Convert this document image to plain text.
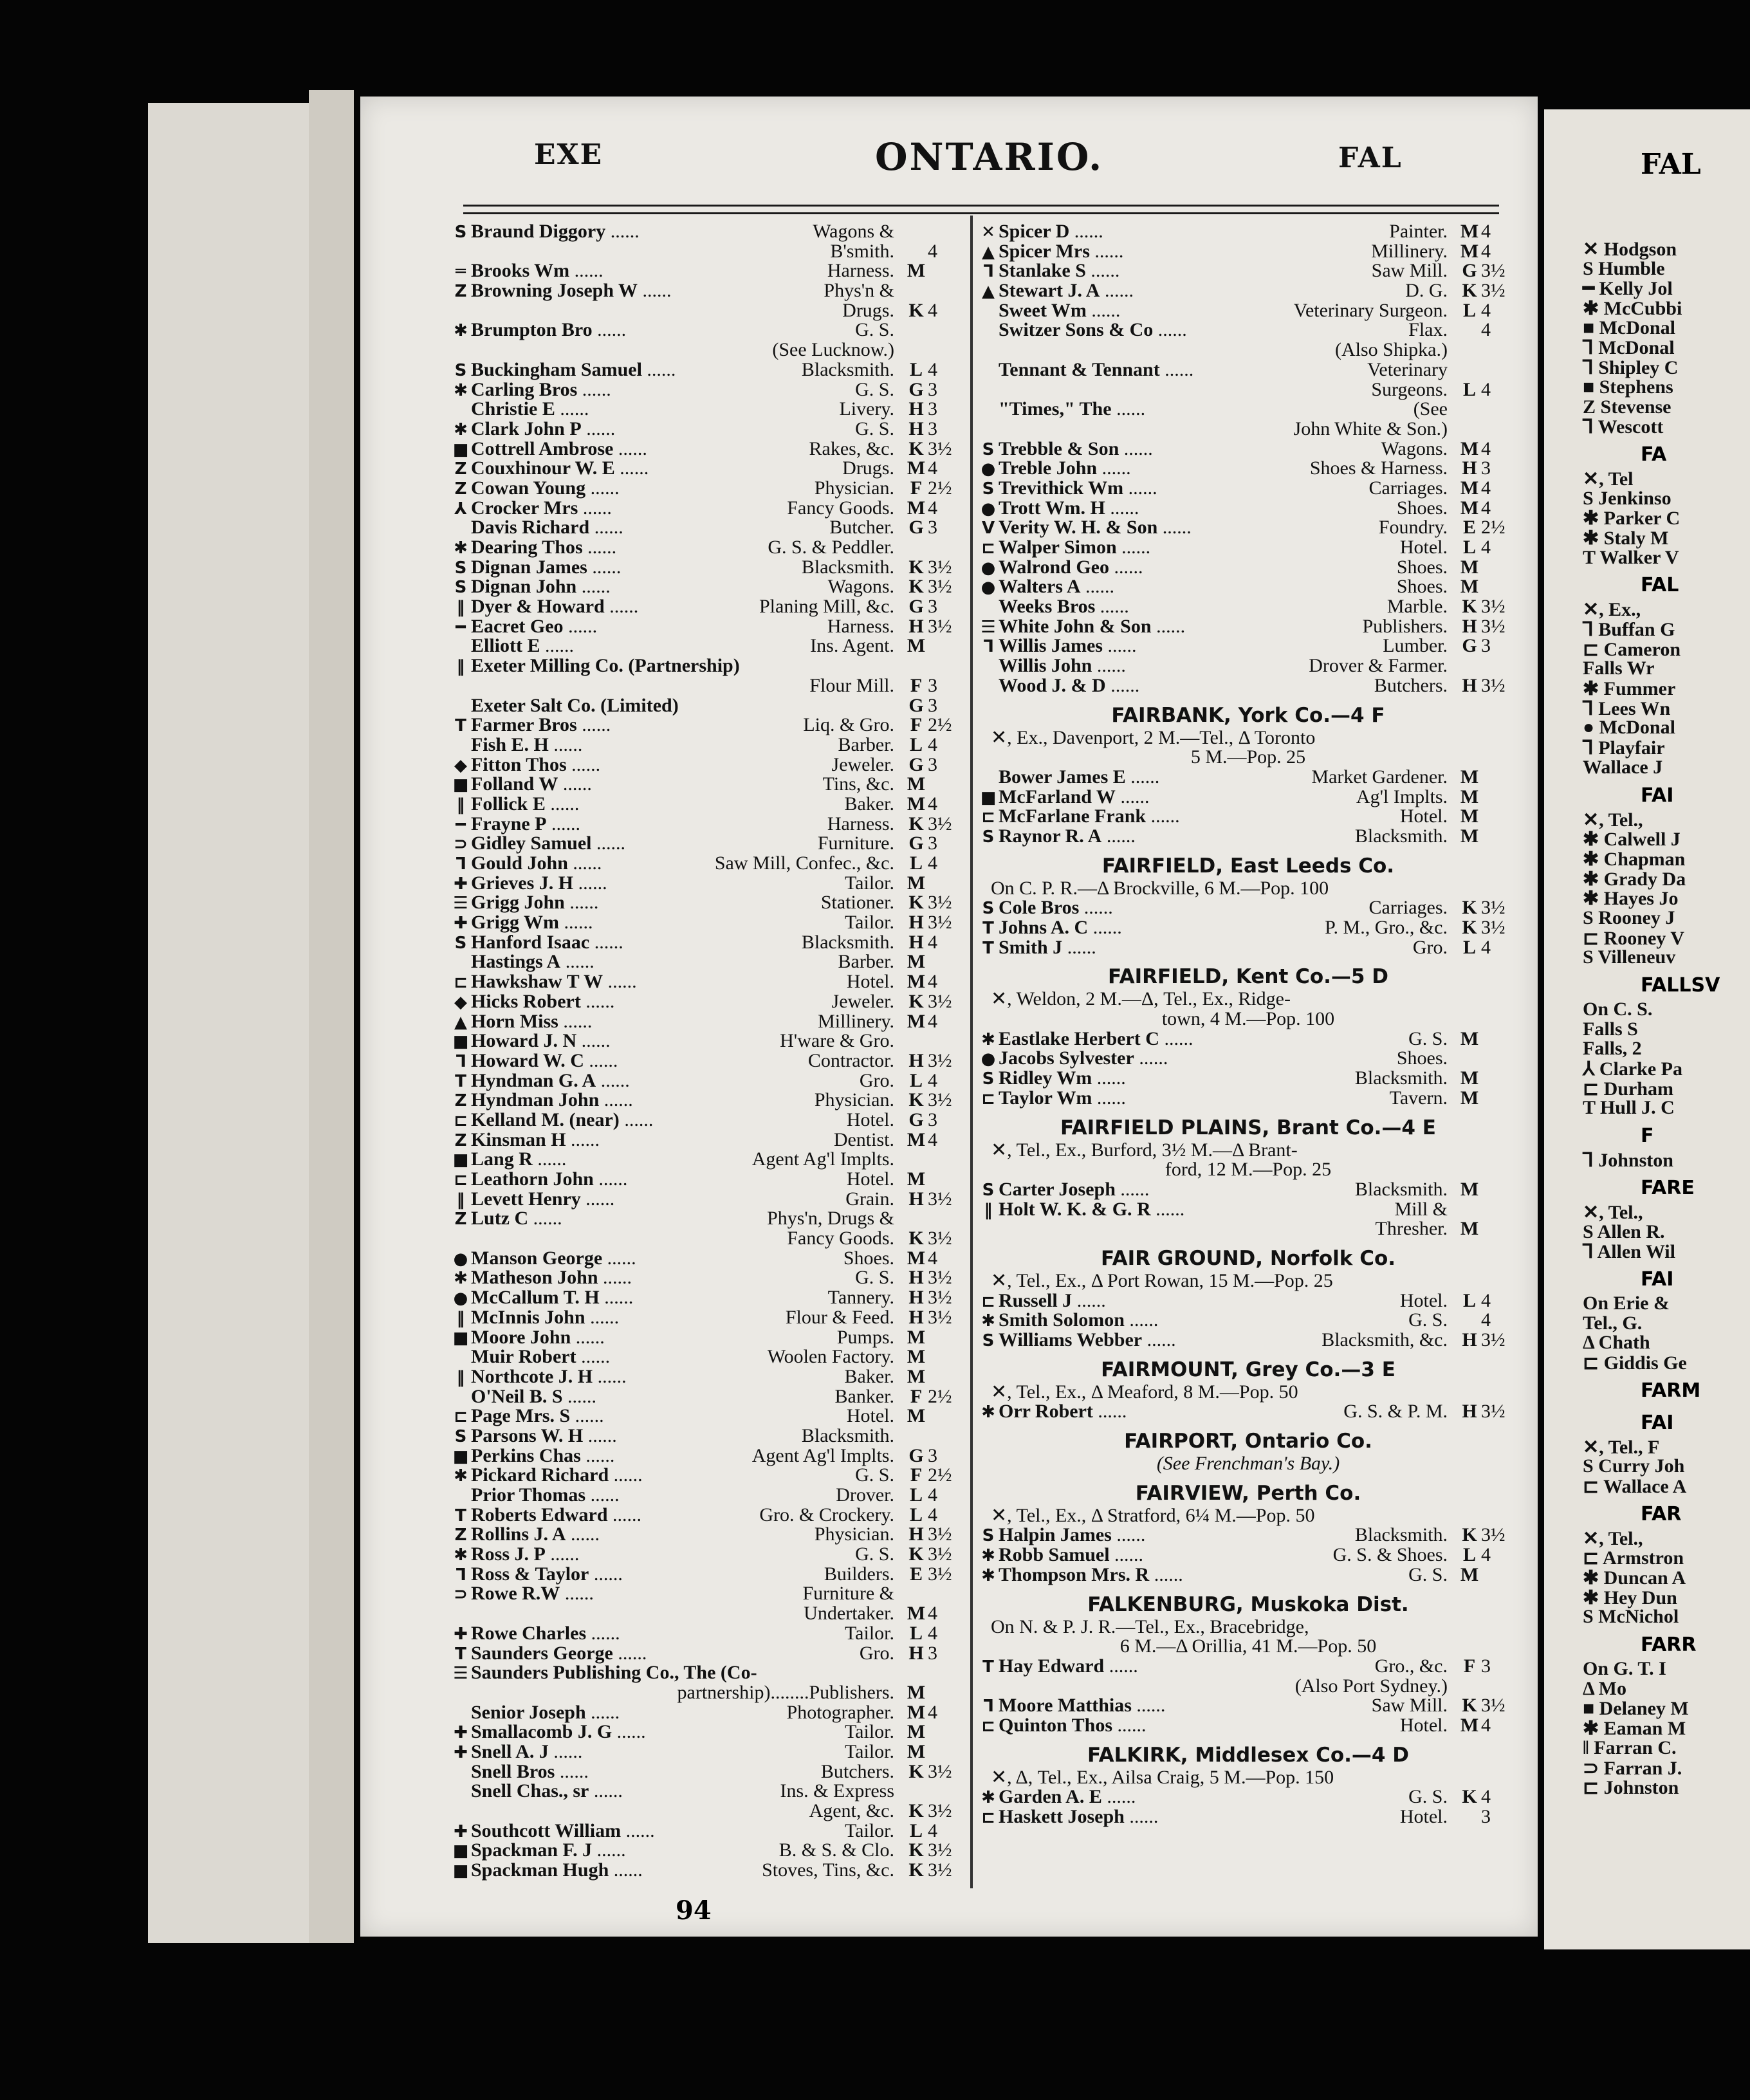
EXE	ONTARIO.	FAL
S Braund Diggory ......	Wagons &
B'smith.	4
═ Brooks Wm ......	Harness. M
Z Browning Joseph W ......	Phys'n &
Drugs. K 4
✱ Brumpton Bro ......	G. S.
(See Lucknow.)
S Buckingham Samuel ......	Blacksmith. L 4
✱ Carling Bros ......	G. S. G 3
Christie E ......	Livery. H 3
✱ Clark John P ......	G. S. H 3
■ Cottrell Ambrose ......	Rakes, &c. K 3½
Z Couxhinour W. E ......	Drugs. M 4
Z Cowan Young ......	Physician. F 2½
⅄ Crocker Mrs ......	Fancy Goods. M 4
Davis Richard ......	Butcher. G 3
✱ Dearing Thos ......	G. S. & Peddler.
S Dignan James ......	Blacksmith. K 3½
S Dignan John ......	Wagons. K 3½
‖ Dyer & Howard ......	Planing Mill, &c. G 3
━ Eacret Geo ......	Harness. H 3½
Elliott E ......	Ins. Agent. M
‖ Exeter Milling Co. (Partnership)
Flour Mill. F 3
Exeter Salt Co. (Limited)	G 3
T Farmer Bros ......	Liq. & Gro. F 2½
Fish E. H ......	Barber. L 4
◆ Fitton Thos ......	Jeweler. G 3
■ Folland W ......	Tins, &c. M
‖ Follick E ......	Baker. M 4
━ Frayne P ......	Harness. K 3½
⊃ Gidley Samuel ......	Furniture. G 3
⅂ Gould John ......	Saw Mill, Confec., &c. L 4
✚ Grieves J. H ......	Tailor. M
☰ Grigg John ......	Stationer. K 3½
✚ Grigg Wm ......	Tailor. H 3½
S Hanford Isaac ......	Blacksmith. H 4
Hastings A ......	Barber. M
⊏ Hawkshaw T W ......	Hotel. M 4
◆ Hicks Robert ......	Jeweler. K 3½
▲ Horn Miss ......	Millinery. M 4
■ Howard J. N ......	H'ware & Gro.
⅂ Howard W. C ......	Contractor. H 3½
T Hyndman G. A ......	Gro. L 4
Z Hyndman John ......	Physician. K 3½
⊏ Kelland M. (near) ......	Hotel. G 3
Z Kinsman H ......	Dentist. M 4
■ Lang R ......	Agent Ag'l Implts.
⊏ Leathorn John ......	Hotel. M
‖ Levett Henry ......	Grain. H 3½
Z Lutz C ......	Phys'n, Drugs &
Fancy Goods. K 3½
● Manson George ......	Shoes. M 4
✱ Matheson John ......	G. S. H 3½
● McCallum T. H ......	Tannery. H 3½
‖ McInnis John ......	Flour & Feed. H 3½
■ Moore John ......	Pumps. M
Muir Robert ......	Woolen Factory. M
‖ Northcote J. H ......	Baker. M
O'Neil B. S ......	Banker. F 2½
⊏ Page Mrs. S ......	Hotel. M
S Parsons W. H ......	Blacksmith.
■ Perkins Chas ......	Agent Ag'l Implts. G 3
✱ Pickard Richard ......	G. S. F 2½
Prior Thomas ......	Drover. L 4
T Roberts Edward ......	Gro. & Crockery. L 4
Z Rollins J. A ......	Physician. H 3½
✱ Ross J. P ......	G. S. K 3½
⅂ Ross & Taylor ......	Builders. E 3½
⊃ Rowe R.W ......	Furniture &
Undertaker. M 4
✚ Rowe Charles ......	Tailor. L 4
T Saunders George ......	Gro. H 3
☰ Saunders Publishing Co., The (Co-
partnership)........Publishers. M
Senior Joseph ......	Photographer. M 4
✚ Smallacomb J. G ......	Tailor. M
✚ Snell A. J ......	Tailor. M
Snell Bros ......	Butchers. K 3½
Snell Chas., sr ......	Ins. & Express
Agent, &c. K 3½
✚ Southcott William ......	Tailor. L 4
■ Spackman F. J ......	B. & S. & Clo. K 3½
■ Spackman Hugh ......	Stoves, Tins, &c. K 3½
✕ Spicer D ......	Painter. M 4
▲ Spicer Mrs ......	Millinery. M 4
⅂ Stanlake S ......	Saw Mill. G 3½
▲ Stewart J. A ......	D. G. K 3½
Sweet Wm ......	Veterinary Surgeon. L 4
Switzer Sons & Co ......	Flax.	4
(Also Shipka.)
Tennant & Tennant ......	Veterinary
Surgeons. L 4
"Times," The ......	(See
John White & Son.)
S Trebble & Son ......	Wagons. M 4
● Treble John ......	Shoes & Harness. H 3
S Trevithick Wm ......	Carriages. M 4
● Trott Wm. H ......	Shoes. M 4
V Verity W. H. & Son ......	Foundry. E 2½
⊏ Walper Simon ......	Hotel. L 4
● Walrond Geo ......	Shoes. M
● Walters A ......	Shoes. M
Weeks Bros ......	Marble. K 3½
☰ White John & Son ......	Publishers. H 3½
⅂ Willis James ......	Lumber. G 3
Willis John ......	Drover & Farmer.
Wood J. & D ......	Butchers. H 3½
FAIRBANK, York Co.—4 F
✕, Ex., Davenport, 2 M.—Tel., Δ Toronto
5 M.—Pop. 25
Bower James E ......	Market Gardener. M
■ McFarland W ......	Ag'l Implts. M
⊏ McFarlane Frank ......	Hotel. M
S Raynor R. A ......	Blacksmith. M
FAIRFIELD, East Leeds Co.
On C. P. R.—Δ Brockville, 6 M.—Pop. 100
S Cole Bros ......	Carriages. K 3½
T Johns A. C ......	P. M., Gro., &c. K 3½
T Smith J ......	Gro. L 4
FAIRFIELD, Kent Co.—5 D
✕, Weldon, 2 M.—Δ, Tel., Ex., Ridge-
town, 4 M.—Pop. 100
✱ Eastlake Herbert C ......	G. S. M
● Jacobs Sylvester ......	Shoes.
S Ridley Wm ......	Blacksmith. M
⊏ Taylor Wm ......	Tavern. M
FAIRFIELD PLAINS, Brant Co.—4 E
✕, Tel., Ex., Burford, 3½ M.—Δ Brant-
ford, 12 M.—Pop. 25
S Carter Joseph ......	Blacksmith. M
‖ Holt W. K. & G. R ......	Mill &
Thresher. M
FAIR GROUND, Norfolk Co.
✕, Tel., Ex., Δ Port Rowan, 15 M.—Pop. 25
⊏ Russell J ......	Hotel. L 4
✱ Smith Solomon ......	G. S.	4
S Williams Webber ......	Blacksmith, &c. H 3½
FAIRMOUNT, Grey Co.—3 E
✕, Tel., Ex., Δ Meaford, 8 M.—Pop. 50
✱ Orr Robert ......	G. S. & P. M. H 3½
FAIRPORT, Ontario Co.
(See Frenchman's Bay.)
FAIRVIEW, Perth Co.
✕, Tel., Ex., Δ Stratford, 6¼ M.—Pop. 50
S Halpin James ......	Blacksmith. K 3½
✱ Robb Samuel ......	G. S. & Shoes. L 4
✱ Thompson Mrs. R ......	G. S. M
FALKENBURG, Muskoka Dist.
On N. & P. J. R.—Tel., Ex., Bracebridge,
6 M.—Δ Orillia, 41 M.—Pop. 50
T Hay Edward ......	Gro., &c. F 3
(Also Port Sydney.)
⅂ Moore Matthias ......	Saw Mill. K 3½
⊏ Quinton Thos ......	Hotel. M 4
FALKIRK, Middlesex Co.—4 D
✕, Δ, Tel., Ex., Ailsa Craig, 5 M.—Pop. 150
✱ Garden A. E ......	G. S. K 4
⊏ Haskett Joseph ......	Hotel.	3
94
FAL
✕ Hodgson
S Humble
━ Kelly Jol
✱ McCubbi
■ McDonal
⅂ McDonal
⅂ Shipley C
■ Stephens
Z Stevense
⅂ Wescott
FA
✕, Tel
S Jenkinso
✱ Parker C
✱ Staly M
T Walker V
FAL
✕, Ex.,
⅂ Buffan G
⊏ Cameron
Falls Wr
✱ Fummer
⅂ Lees Wn
● McDonal
⅂ Playfair
Wallace J
FAI
✕, Tel.,
✱ Calwell J
✱ Chapman
✱ Grady Da
✱ Hayes Jo
S Rooney J
⊏ Rooney V
S Villeneuv
FALLSV
On C. S.
Falls S
Falls, 2
⅄ Clarke Pa
⊏ Durham
T Hull J. C
F
⅂ Johnston
FARE
✕, Tel.,
S Allen R.
⅂ Allen Wil
FAI
On Erie &
Tel., G.
Δ Chath
⊏ Giddis Ge
FARM
FAI
✕, Tel., F
S Curry Joh
⊏ Wallace A
FAR
✕, Tel.,
⊏ Armstron
✱ Duncan A
✱ Hey Dun
S McNichol
FARR
On G. T. I
Δ Mo
■ Delaney M
✱ Eaman M
‖ Farran C.
⊃ Farran J.
⊏ Johnston
